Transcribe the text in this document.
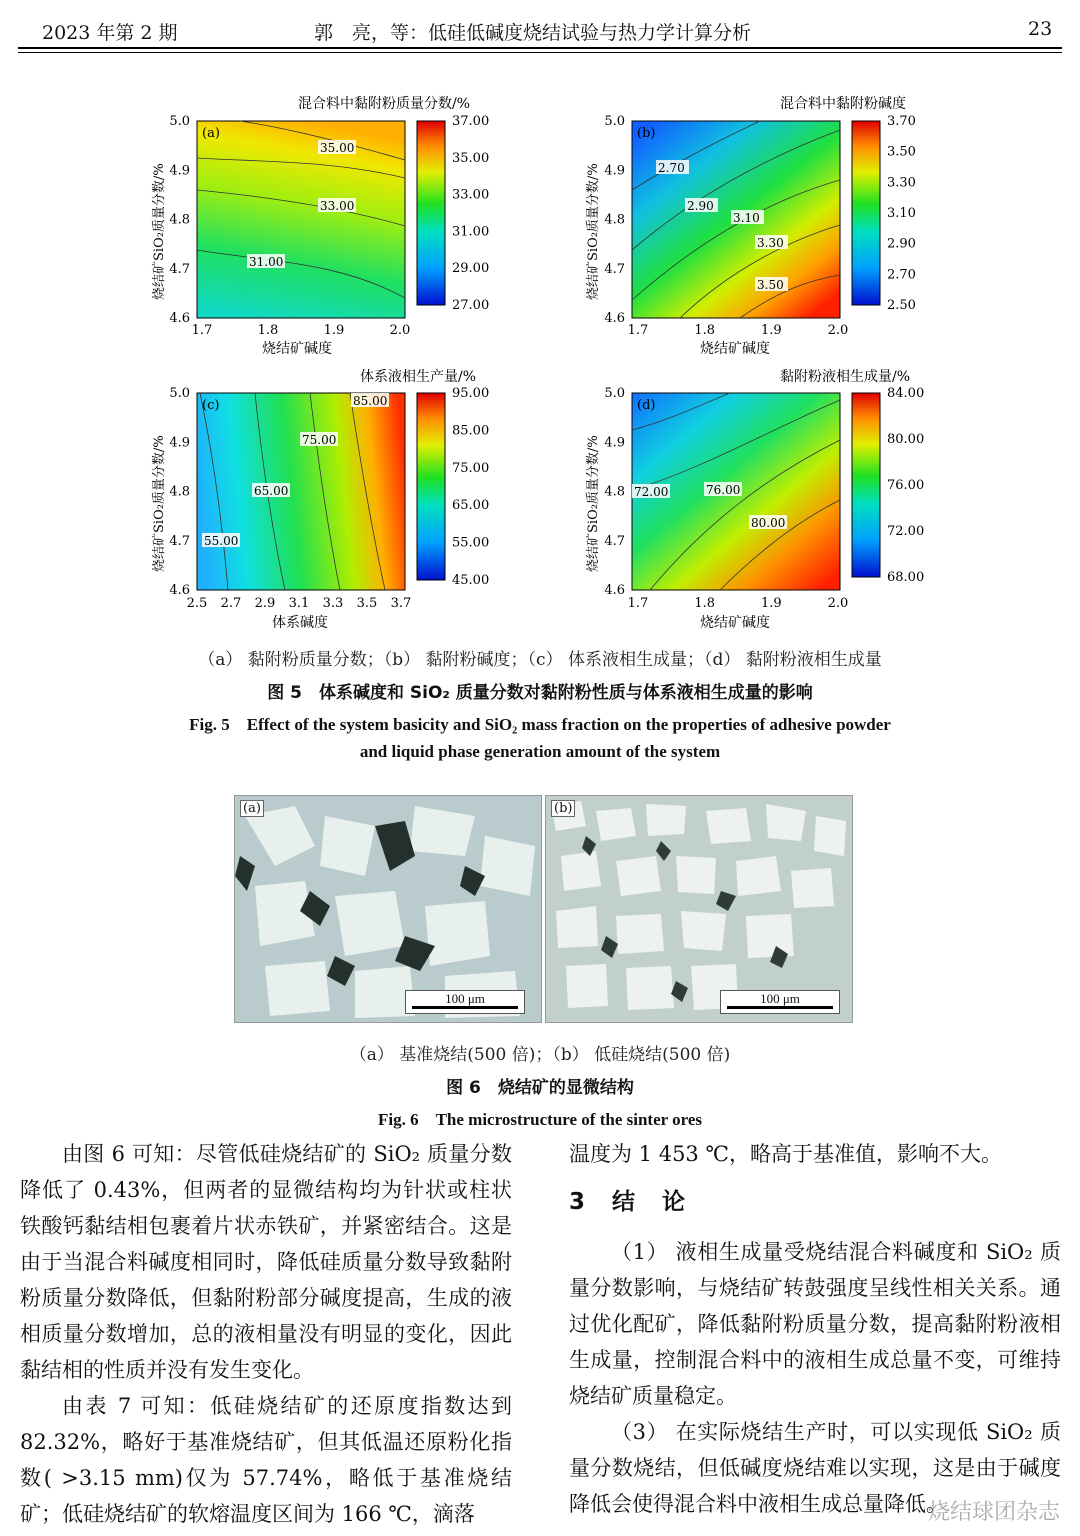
2023 年第 2 期	郭　亮，等：低硅低碱度烧结试验与热力学计算分析	23
混合料中黏附粉质量分数/%
(a)
35.00
33.00
31.00
5.0
4.9
4.8
4.7
4.6
1.7	1.8	1.9	2.0
烧结矿碱度
烧结矿SiO₂质量分数/%
37.00
35.00
33.00
31.00
29.00
27.00
混合料中黏附粉碱度
(b)
2.70
2.90
3.10
3.30
3.50
5.0
4.9
4.8
4.7
4.6
1.7	1.8	1.9	2.0
烧结矿碱度
烧结矿SiO₂质量分数/%
3.70
3.50
3.30
3.10
2.90
2.70
2.50
体系液相生产量/%
(c)	85.00
75.00
65.00
55.00
5.0
4.9
4.8
4.7
4.6
2.5 2.7 2.9 3.1 3.3 3.5 3.7
体系碱度
烧结矿SiO₂质量分数/%
95.00
85.00
75.00
65.00
55.00
45.00
黏附粉液相生成量/%
(d)
72.00	76.00
80.00
5.0
4.9
4.8
4.7
4.6
1.7	1.8	1.9	2.0
烧结矿碱度
烧结矿SiO₂质量分数/%
84.00
80.00
76.00
72.00
68.00
（a） 黏附粉质量分数；（b） 黏附粉碱度；（c） 体系液相生成量；（d） 黏附粉液相生成量
图 5　体系碱度和 SiO₂ 质量分数对黏附粉性质与体系液相生成量的影响
Fig. 5　Effect of the system basicity and SiO₂ mass fraction on the properties of adhesive powder
and liquid phase generation amount of the system
(a)
100 μm
(b)
100 μm
（a） 基准烧结(500 倍)；（b） 低硅烧结(500 倍)
图 6　烧结矿的显微结构
Fig. 6　The microstructure of the sinter ores

由图 6 可知：尽管低硅烧结矿的 SiO₂ 质量分数降低了 0.43%，但两者的显微结构均为针状或柱状铁酸钙黏结相包裹着片状赤铁矿，并紧密结合。这是由于当混合料碱度相同时，降低硅质量分数导致黏附粉质量分数降低，但黏附粉部分碱度提高，生成的液相质量分数增加，总的液相量没有明显的变化，因此黏结相的性质并没有发生变化。

由表 7 可知：低硅烧结矿的还原度指数达到 82.32%，略好于基准烧结矿，但其低温还原粉化指数( >3.15 mm)仅为 57.74%，略低于基准烧结矿；低硅烧结矿的软熔温度区间为 166 ℃，滴落

温度为 1 453 ℃，略高于基准值，影响不大。

3　结　论

（1） 液相生成量受烧结混合料碱度和 SiO₂ 质量分数影响，与烧结矿转鼓强度呈线性相关关系。通过优化配矿，降低黏附粉质量分数，提高黏附粉液相生成量，控制混合料中的液相生成总量不变，可维持烧结矿质量稳定。

（3） 在实际烧结生产时，可以实现低 SiO₂ 质量分数烧结，但低碱度烧结难以实现，这是由于碱度降低会使得混合料中液相生成总量降低。

烧结球团杂志
